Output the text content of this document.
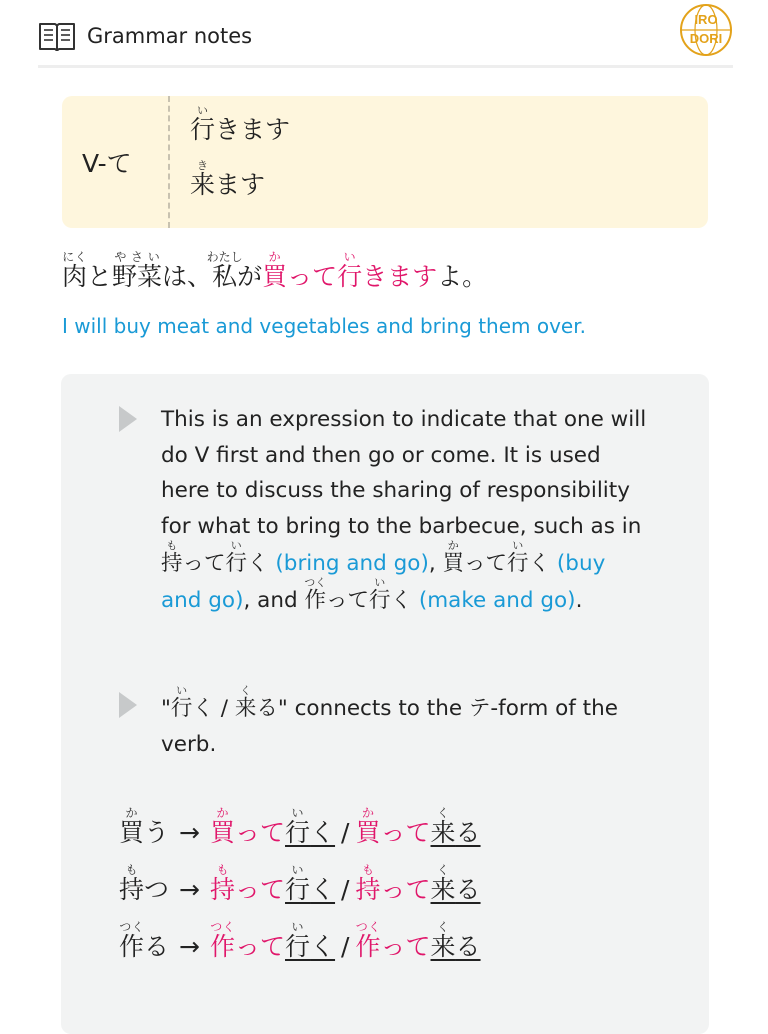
Grammar notes
IRO
DORI
V-て
行いきます
来きます
肉にくと野菜やさいは、私わたしが買かって行いきますよ。
I will buy meat and vegetables and bring them over.
This is an expression to indicate that one will do V first and then go or come. It is used here to discuss the sharing of responsibility for what to bring to the barbecue, such as in 持もって行いく (bring and go), 買かって行いく (buy and go), and 作つくって行いく (make and go).
"行いく / 来くる" connects to the テ-form of the verb.
買かう → 買かって行いく / 買かって来くる
持もつ → 持もって行いく / 持もって来くる
作つくる → 作つくって行いく / 作つくって来くる
